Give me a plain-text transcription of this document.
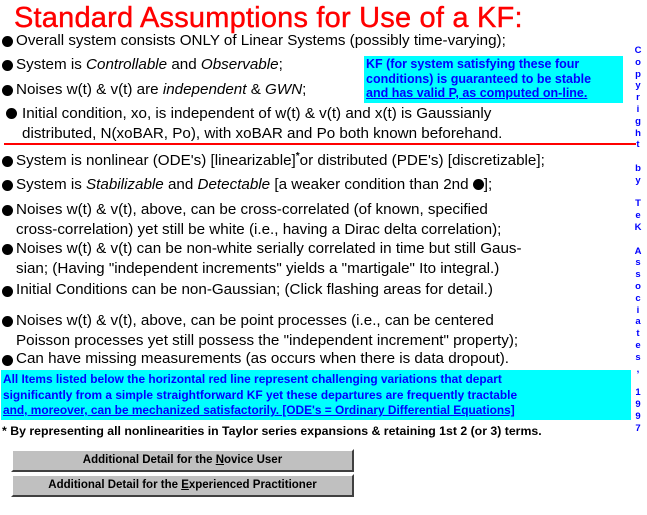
Standard Assumptions for Use of a KF:
Overall system consists ONLY of Linear Systems (possibly time-varying);
System is Controllable and Observable;
Noises w(t) & v(t) are independent & GWN;
Initial condition, xo, is independent of w(t) & v(t) and x(t) is Gaussianly
distributed, N(xoBAR, Po), with xoBAR and Po both known beforehand.
KF (for system satisfying these four
conditions) is guaranteed to be stable
and has valid P, as computed on-line.
System is nonlinear (ODE's) [linearizable]*or distributed (PDE's) [discretizable];
System is Stabilizable and Detectable [a weaker condition than 2nd ];
Noises w(t) & v(t), above, can be cross-correlated (of known, specified
cross-correlation) yet still be white (i.e., having a Dirac delta correlation);
Noises w(t) & v(t) can be non-white serially correlated in time but still Gaus-
sian; (Having "independent increments" yields a "martigale" Ito integral.)
Initial Conditions can be non-Gaussian; (Click flashing areas for detail.)
Noises w(t) & v(t), above, can be point processes (i.e., can be centered
Poisson processes yet still possess the "independent increment" property);
Can have missing measurements (as occurs when there is data dropout).
All Items listed below the horizontal red line represent challenging variations that depart
significantly from a simple straightforward KF yet these departures are frequently tractable
and, moreover, can be mechanized satisfactorily. [ODE's = Ordinary Differential Equations]
* By representing all nonlinearities in Taylor series expansions & retaining 1st 2 (or 3) terms.
C
o
p
y
r
i
g
h
t

b
y

T
e
K

A
s
s
o
c
i
a
t
e
s
,

1
9
9
7
Additional Detail for the Novice User
Additional Detail for the Experienced Practitioner
